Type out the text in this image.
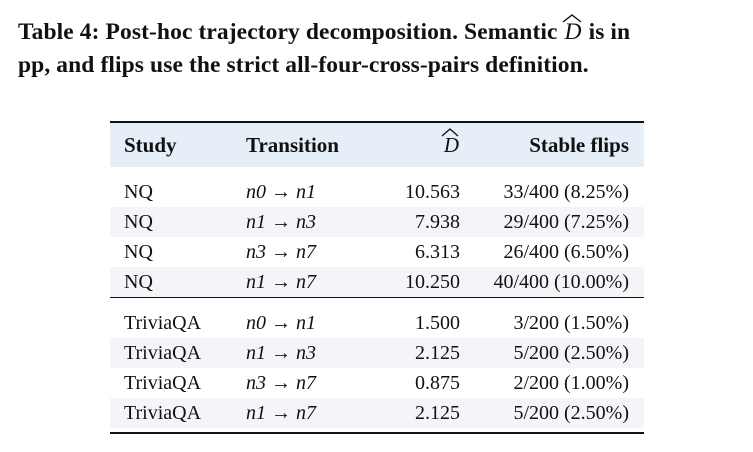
Table 4: Post-hoc trajectory decomposition. Semantic
D is in
pp, and flips use the strict all-four-cross-pairs definition.
Study	Transition	D	Stable flips

NQ	n0 → n1	10.563	33/400 (8.25%)
NQ	n1 → n3	7.938	29/400 (7.25%)
NQ	n3 → n7	6.313	26/400 (6.50%)
NQ	n1 → n7	10.250	40/400 (10.00%)

TriviaQA	n0 → n1	1.500	3/200 (1.50%)
TriviaQA	n1 → n3	2.125	5/200 (2.50%)
TriviaQA	n3 → n7	0.875	2/200 (1.00%)
TriviaQA	n1 → n7	2.125	5/200 (2.50%)
